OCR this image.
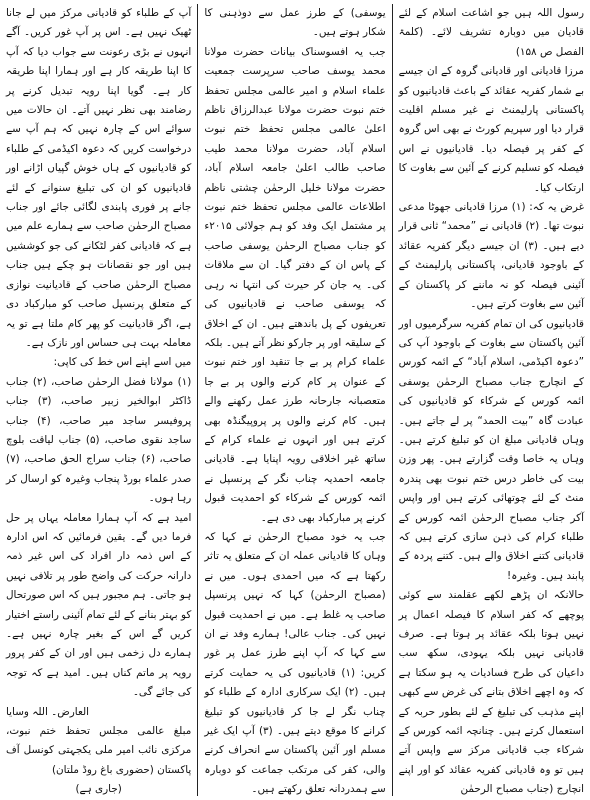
رسول اللہ ہیں جو اشاعت اسلام کے لئے قادیان میں دوبارہ تشریف لائے۔ (کلمۃ الفصل ص ۱۵۸)

مرزا قادیانی اور قادیانی گروہ کے ان جیسے بے شمار کفریہ عقائد کے باعث قادیانیوں کو پاکستانی پارلیمنٹ نے غیر مسلم اقلیت قرار دیا اور سپریم کورٹ نے بھی اس گروہ کے کفر پر فیصلہ دیا۔ قادیانیوں نے اس فیصلہ کو تسلیم کرنے کے آئین سے بغاوت کا ارتکاب کیا۔

غرض یہ کہ: (۱) مرزا قادیانی جھوٹا مدعی نبوت تھا۔ (۲) قادیانی نے ”محمد“ ثانی قرار دیے ہیں۔ (۳) ان جیسے دیگر کفریہ عقائد کے باوجود قادیانی، پاکستانی پارلیمنٹ کے آئینی فیصلہ کو نہ ماننے کر پاکستان کے آئین سے بغاوت کرتے ہیں۔

قادیانیوں کی ان تمام کفریہ سرگرمیوں اور آئین پاکستان سے بغاوت کے باوجود آپ کی ”دعوہ اکیڈمی، اسلام آباد“ کے ائمہ کورس کے انچارج جناب مصباح الرحمٰن یوسفی ائمہ کورس کے شرکاء کو قادیانیوں کی عبادت گاہ ”بیت الحمد“ پر لے جاتے ہیں۔ وہاں قادیانی مبلغ ان کو تبلیغ کرتے ہیں۔ وہاں یہ خاصا وقت گزارتے ہیں۔ پھر وزن بیت کی خاطر درس ختم نبوت بھی پندرہ منٹ کے لئے چوتھائی کرتے ہیں اور واپس آکر جناب مصباح الرحمٰن ائمہ کورس کے طلباء کرام کی ذہن سازی کرتے ہیں کہ قادیانی کتنے اخلاق والے ہیں۔ کتنے پردہ کے پابند ہیں۔ وغیرہ!

حالانکہ ان پڑھے لکھے عقلمند سے کوئی پوچھے کہ کفر اسلام کا فیصلہ اعمال پر نہیں ہوتا بلکہ عقائد پر ہوتا ہے۔ صرف قادیانی نہیں بلکہ یہودی، سکھ سب داعیان کی طرح فسادیات یہ ہو سکتا ہے کہ وہ اچھے اخلاق بتانے کی غرض سے کبھی اپنے مذہب کی تبلیغ کے لئے بطور حربہ کے استعمال کرتے ہیں۔ چنانچہ ائمہ کورس کے شرکاء جب قادیانی مرکز سے واپس آتے ہیں تو وہ قادیانی کفریہ عقائد کو اور اپنے انچارج (جناب مصباح الرحمٰن

یوسفی) کے طرز عمل سے دوذہنی کا شکار ہوتے ہیں۔

جب یہ افسوسناک بیانات حضرت مولانا محمد یوسف صاحب سرپرست جمعیت علماء اسلام و امیر عالمی مجلس تحفظ ختم نبوت حضرت مولانا عبدالرزاق ناظم اعلیٰ عالمی مجلس تحفظ ختم نبوت اسلام آباد، حضرت مولانا محمد طیب صاحب طالب اعلیٰ جامعہ اسلام آباد، حضرت مولانا خلیل الرحمٰن چشتی ناظم اطلاعات عالمی مجلس تحفظ ختم نبوت پر مشتمل ایک وفد کو ہم جولائی ۲۰۱۵ء کو جناب مصباح الرحمٰن یوسفی صاحب کے پاس ان کے دفتر گیا۔ ان سے ملاقات کی۔ یہ جان کر حیرت کی انتہا نہ رہی کہ یوسفی صاحب نے قادیانیوں کی تعریفوں کے پل باندھتے ہیں۔ ان کے اخلاق کے سلیقہ اور پر جارکو نظر آتے ہیں۔ بلکہ علماء کرام پر بے جا تنقید اور ختم نبوت کے عنوان پر کام کرنے والوں پر بے جا متعصبانہ جارحانہ طرز عمل رکھنے والے ہیں۔ کام کرنے والوں پر پروپیگنڈہ بھی کرتے ہیں اور انہوں نے علماء کرام کے ساتھ غیر اخلاقی رویہ اپنایا ہے۔ قادیانی جامعہ احمدیہ چناب نگر کے پرنسپل نے ائمہ کورس کے شرکاء کو احمدیت قبول کرنے پر مبارکباد بھی دی ہے۔

جب یہ خود مصباح الرحمٰن نے کہا کہ وہاں کا قادیانی عملہ ان کے متعلق یہ تاثر رکھتا ہے کہ میں احمدی ہوں۔ میں نے (مصباح الرحمٰن) کہا کہ نہیں پرنسپل صاحب یہ غلط ہے۔ میں نے احمدیت قبول نہیں کی۔ جناب عالی! ہمارے وفد نے ان سے کہا کہ آپ اپنے طرز عمل پر غور کریں: (۱) قادیانیوں کی یہ حمایت کرتے ہیں۔ (۲) ایک سرکاری ادارہ کے طلباء کو چناب نگر لے جا کر قادیانیوں کو تبلیغ کرانے کا موقع دیتے ہیں۔ (۳) آپ ایک غیر مسلم اور آئین پاکستان سے انحراف کرنے والی، کفر کی مرتکب جماعت کو دوبارہ سے ہمدردانہ تعلق رکھتے ہیں۔

آپ کے طلباء کو قادیانی مرکز میں لے جانا ٹھیک نہیں ہے۔ اس پر آپ غور کریں۔ آگے انہوں نے بڑی رعونت سے جواب دیا کہ آپ کا اپنا طریقہ کار ہے اور ہمارا اپنا طریقہ کار ہے۔ گویا اپنا رویہ تبدیل کرنے پر رضامند بھی نظر نہیں آتے۔ ان حالات میں سوائے اس کے چارہ نہیں کہ ہم آپ سے درخواست کریں کہ دعوہ اکیڈمی کے طلباء کو قادیانیوں کے ہاں خوش گپیاں اڑانے اور قادیانیوں کو ان کی تبلیغ سنوانے کے لئے جانے پر فوری پابندی لگائی جائے اور جناب مصباح الرحمٰن صاحب سے ہمارے علم میں ہے کہ قادیانی کفر لٹکانے کی جو کوششیں ہیں اور جو نقصانات ہو چکے ہیں جناب مصباح الرحمٰن صاحب کے قادیانیت نوازی کے متعلق پرنسپل صاحب کو مبارکباد دی ہے، اگر قادیانیت کو پھر کام ملتا ہے تو یہ معاملہ بہت ہی حساس اور نازک ہے۔

میں اسے اپنے اس خط کی کاپی:

(۱) مولانا فضل الرحمٰن صاحب، (۲) جناب ڈاکٹر ابوالخیر زبیر صاحب، (۳) جناب پروفیسر ساجد میر صاحب، (۴) جناب ساجد نقوی صاحب، (۵) جناب لیاقت بلوچ صاحب، (۶) جناب سراج الحق صاحب، (۷) صدر علماء بورڈ پنجاب وغیرہ کو ارسال کر رہا ہوں۔

امید ہے کہ آپ ہمارا معاملہ یہاں پر حل فرما دیں گے۔ یقین فرمائیں کہ اس ادارہ کے اس ذمہ دار افراد کی اس غیر ذمہ دارانہ حرکت کی واضح طور پر تلافی نہیں ہو جاتی۔ ہم مجبور ہیں کہ اس صورتحال کو بہتر بنانے کے لئے تمام آئینی راستے اختیار کریں گے اس کے بغیر چارہ نہیں ہے۔ ہمارے دل زخمی ہیں اور ان کے کفر پرور رویہ پر ماتم کناں ہیں۔ امید ہے کہ توجہ کی جائے گی۔

العارض۔ اللہ وسایا

مبلغ عالمی مجلس تحفظ ختم نبوت، مرکزی نائب امیر ملی یکجہتی کونسل آف پاکستان (حضوری باغ روڈ ملتان)

(جاری ہے)
